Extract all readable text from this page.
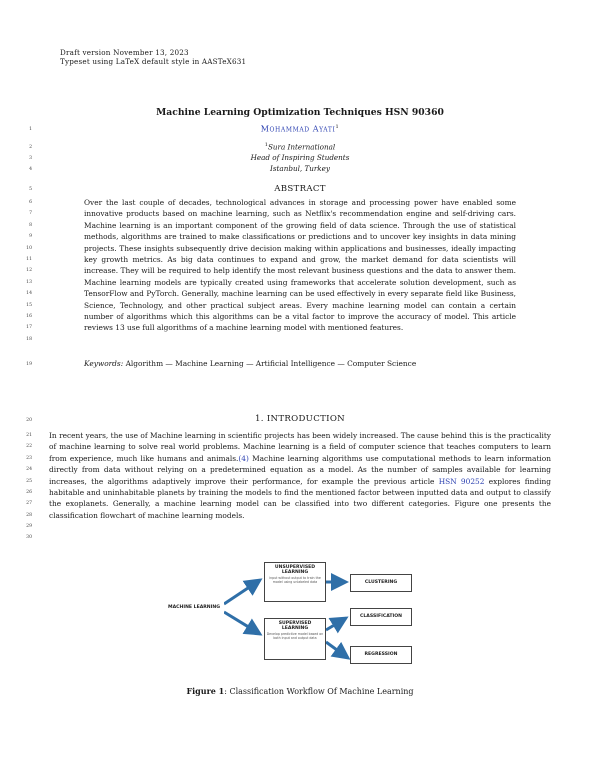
Draft version November 13, 2023
Typeset using LaTeX default style in AASTeX631
Machine Learning Optimization Techniques HSN 90360
Mohammad Ayati$^1$
$^1$Sura International
Head of Inspiring Students
Istanbul, Turkey
ABSTRACT
Over the last couple of decades, technological advances in storage and processing power have enabled some innovative products based on machine learning, such as Netflix's recommendation engine and self-driving cars. Machine learning is an important component of the growing field of data science. Through the use of statistical methods, algorithms are trained to make classifications or predictions and to uncover key insights in data mining projects. These insights subsequently drive decision making within applications and businesses, ideally impacting key growth metrics. As big data continues to expand and grow, the market demand for data scientists will increase. They will be required to help identify the most relevant business questions and the data to answer them. Machine learning models are typically created using frameworks that accelerate solution development, such as TensorFlow and PyTorch. Generally, machine learning can be used effectively in every separate field like Business, Science, Technology, and other practical subject areas. Every machine learning model can contain a certain number of algorithms which this algorithms can be a vital factor to improve the accuracy of model. This article reviews 13 use full algorithms of a machine learning model with mentioned features.
Keywords: Algorithm — Machine Learning — Artificial Intelligence — Computer Science
1. INTRODUCTION
In recent years, the use of Machine learning in scientific projects has been widely increased. The cause behind this is the practicality of machine learning to solve real world problems. Machine learning is a field of computer science that teaches computers to learn from experience, much like humans and animals.(4) Machine learning algorithms use computational methods to learn information directly from data without relying on a predetermined equation as a model. As the number of samples available for learning increases, the algorithms adaptively improve their performance, for example the previous article HSN 90252 explores finding habitable and uninhabitable planets by training the models to find the mentioned factor between inputted data and output to classify the exoplanets. Generally, a machine learning model can be classified into two different categories. Figure one presents the classification flowchart of machine learning models.
1
2
3
4
5
6
7
8
9
10
11
12
13
14
15
16
17
18
19
20
21
22
23
24
25
26
27
28
29
30
MACHINE LEARNING
UNSUPERVISED LEARNING
input without output to train the model using unlabeled data
SUPERVISED LEARNING
Develop predictive model based on both input and output data
CLUSTERING
CLASSIFICATION
REGRESSION
Figure 1: Classification Workflow Of Machine Learning
